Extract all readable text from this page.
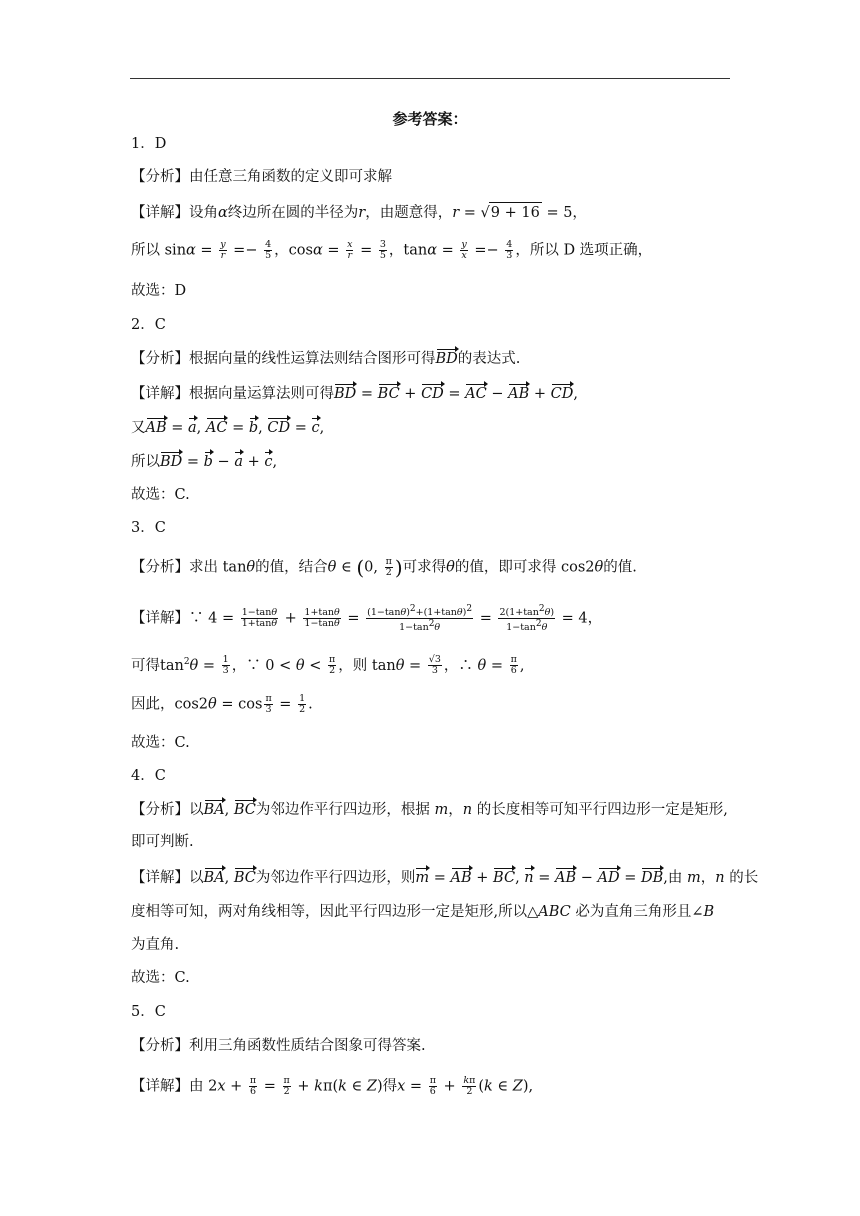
参考答案：
1．D
【分析】由任意三角函数的定义即可求解
【详解】设角α终边所在圆的半径为r，由题意得，r = √9 + 16 = 5，
所以 $\sin\alpha = \frac{y}{r} =- \frac{4}{5}$ ，$\cos\alpha = \frac{x}{r} = \frac{3}{5}$ ，$\tan\alpha = \frac{y}{x} =- \frac{4}{3}$ ，所以 D 选项正确，
故选：D
2．C
【分析】根据向量的线性运算法则结合图形可得BD的表达式.
【详解】根据向量运算法则可得BD = BC + CD = AC − AB + CD,
又AB = a, AC = b, CD = c,
所以BD = b − a + c,
故选：C.
3．C
【分析】求出 tanθ的值，结合θ ∈ (0, $\frac{\pi}{2}$ )可求得θ的值，即可求得 cos2θ的值.
【详解】∵ $4 = \frac{1-\tan\theta}{1+\tan\theta} + \frac{1+\tan\theta}{1-\tan\theta} = \frac{(1-\tan\theta)^2+(1+\tan\theta)^2}{1-\tan^2\theta} = \frac{2(1+\tan^2\theta)}{1-\tan^2\theta} = 4$，
可得$\tan^2\theta = \frac{1}{3}$ ，∵ $0 < \theta < \frac{\pi}{2}$ ，则 $\tan\theta = \frac{√3}{3}$ ，∴ $\theta = \frac{\pi}{6}$ ,
因此，$\cos 2\theta = \cos \frac{\pi}{3} = \frac{1}{2}$ .
故选：C.
4．C
【分析】以BA, BC为邻边作平行四边形，根据 m，n 的长度相等可知平行四边形一定是矩形,
即可判断.
【详解】以BA, BC为邻边作平行四边形，则m = AB + BC, n = AB − AD = DB,由 m，n 的长
度相等可知，两对角线相等，因此平行四边形一定是矩形,所以△ABC 必为直角三角形且∠B
为直角.
故选：C.
5．C
【分析】利用三角函数性质结合图象可得答案.
【详解】由 $2x + \frac{\pi}{6} = \frac{\pi}{2} + k\pi(k$ ∈ Z)得$x = \frac{\pi}{6} + \frac{k\pi}{2} (k$ ∈ Z),
